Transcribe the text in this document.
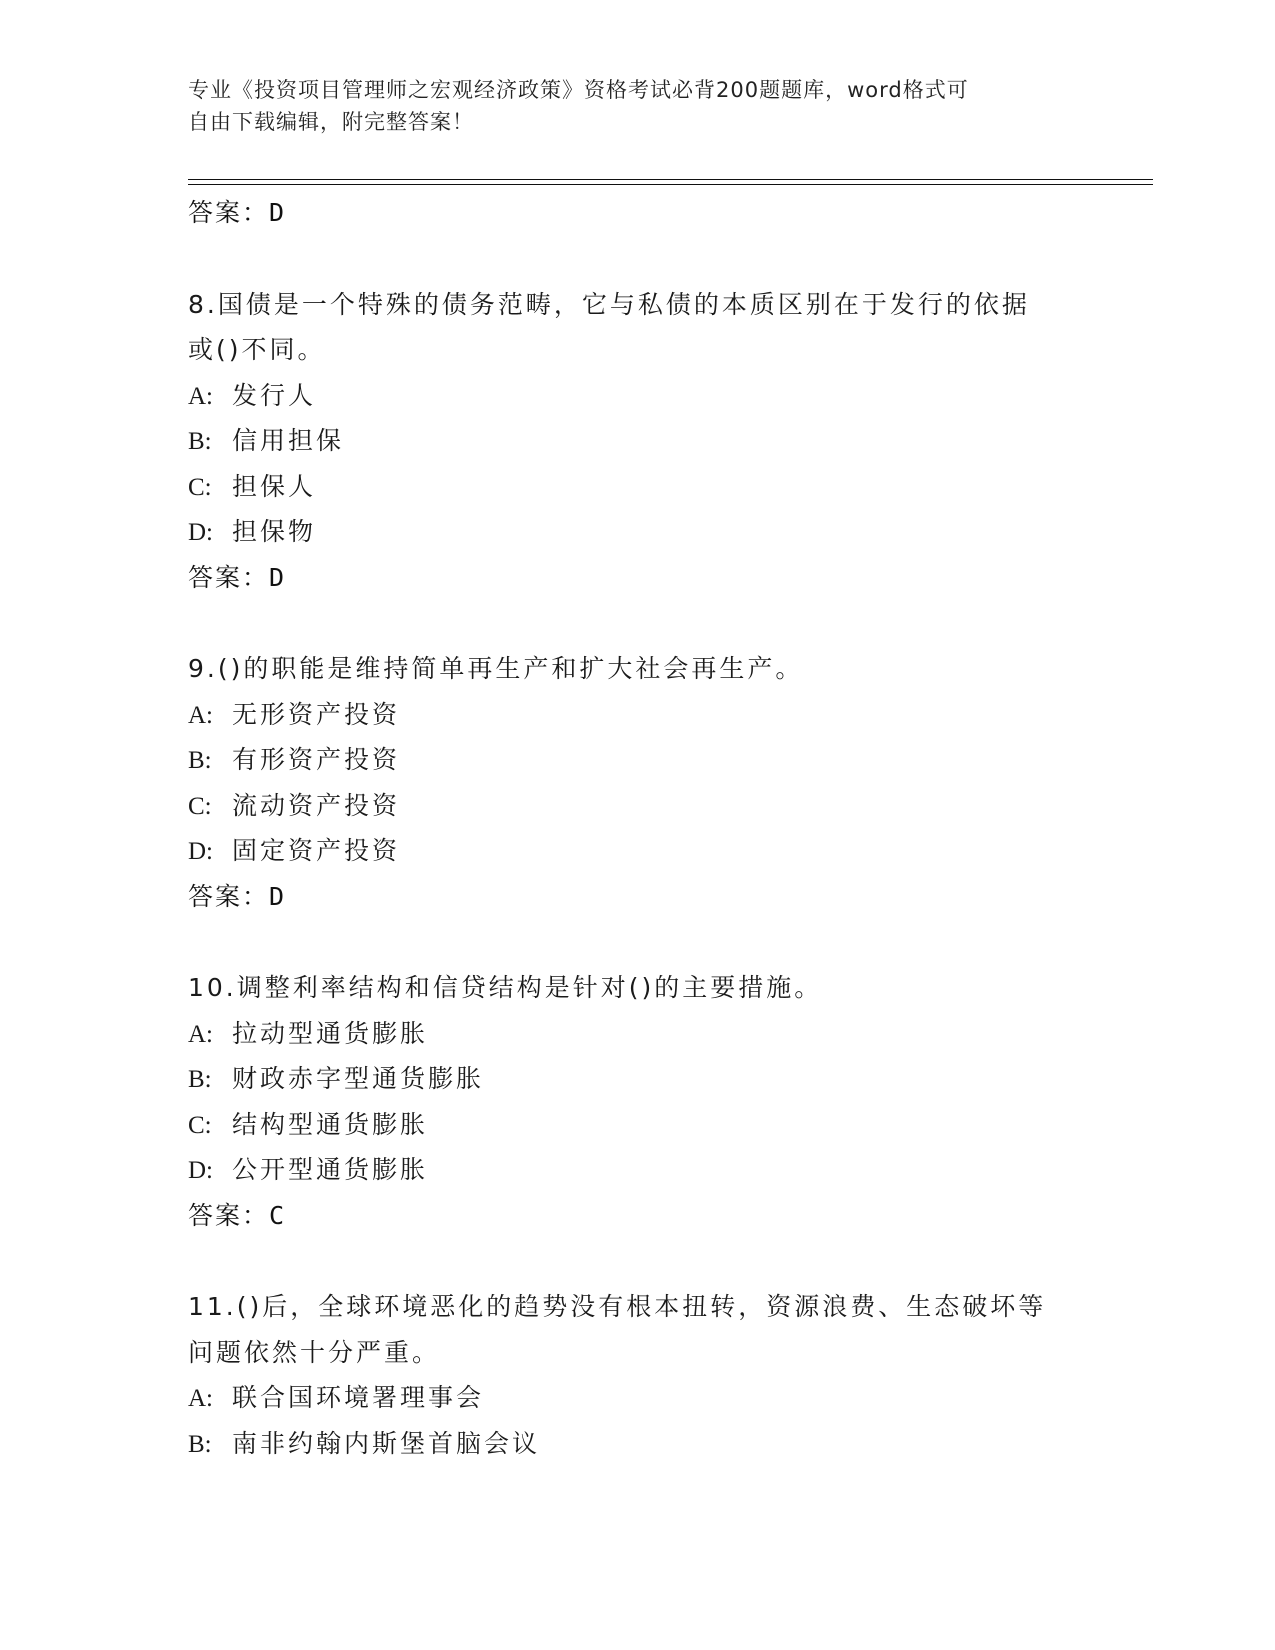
专业《投资项目管理师之宏观经济政策》资格考试必背200题题库，word格式可
自由下载编辑，附完整答案！
答案：D
8.国债是一个特殊的债务范畴，它与私债的本质区别在于发行的依据
或()不同。
A: 发行人
B: 信用担保
C: 担保人
D: 担保物
答案：D
9.()的职能是维持简单再生产和扩大社会再生产。
A: 无形资产投资
B: 有形资产投资
C: 流动资产投资
D: 固定资产投资
答案：D
10.调整利率结构和信贷结构是针对()的主要措施。
A: 拉动型通货膨胀
B: 财政赤字型通货膨胀
C: 结构型通货膨胀
D: 公开型通货膨胀
答案：C
11.()后，全球环境恶化的趋势没有根本扭转，资源浪费、生态破坏等
问题依然十分严重。
A: 联合国环境署理事会
B: 南非约翰内斯堡首脑会议
